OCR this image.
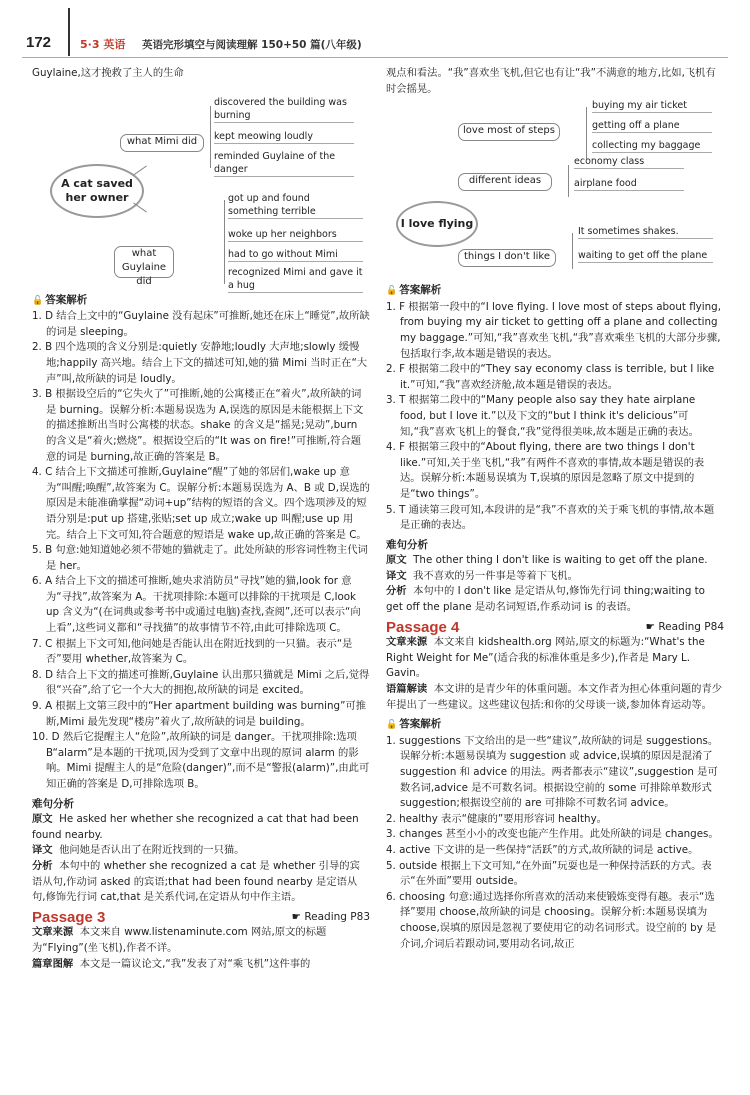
172	5·3 英语 英语完形填空与阅读理解 150+50 篇(八年级)

Guylaine,这才挽救了主人的生命

A cat saved her owner
what Mimi did
discovered the building was burning
kept meowing loudly
reminded Guylaine of the danger
what Guylaine did
got up and found something terrible
woke up her neighbors
had to go without Mimi
recognized Mimi and gave it a hug
🔓 答案解析

1. D 结合上文中的“Guylaine 没有起床”可推断,她还在床上“睡觉”,故所缺的词是 sleeping。

2. B 四个选项的含义分别是:quietly 安静地;loudly 大声地;slowly 缓慢地;happily 高兴地。结合上下文的描述可知,她的猫 Mimi 当时正在“大声”叫,故所缺的词是 loudly。

3. B 根据设空后的“它失火了”可推断,她的公寓楼正在“着火”,故所缺的词是 burning。误解分析:本题易误选为 A,误选的原因是未能根据上下文的描述推断出当时公寓楼的状态。shake 的含义是“摇晃;晃动”,burn 的含义是“着火;燃烧”。根据设空后的“It was on fire!”可推断,符合题意的词是 burning,故正确的答案是 B。

4. C 结合上下文描述可推断,Guylaine“醒”了她的邻居们,wake up 意为“叫醒;唤醒”,故答案为 C。误解分析:本题易误选为 A、B 或 D,误选的原因是未能准确掌握“动词+up”结构的短语的含义。四个选项涉及的短语分别是:put up 搭建,张贴;set up 成立;wake up 叫醒;use up 用完。结合上下文可知,符合题意的短语是 wake up,故正确的答案是 C。

5. B 句意:她知道她必须不带她的猫就走了。此处所缺的形容词性物主代词是 her。

6. A 结合上下文的描述可推断,她央求消防员“寻找”她的猫,look for 意为“寻找”,故答案为 A。干扰项排除:本题可以排除的干扰项是 C,look up 含义为“(在词典或参考书中或通过电脑)查找,查阅”,还可以表示“向上看”,这些词义都和“寻找猫”的故事情节不符,由此可排除选项 C。

7. C 根据上下文可知,他问她是否能认出在附近找到的一只猫。表示“是否”要用 whether,故答案为 C。

8. D 结合上下文的描述可推断,Guylaine 认出那只猫就是 Mimi 之后,觉得很“兴奋”,给了它一个大大的拥抱,故所缺的词是 excited。

9. A 根据上文第三段中的“Her apartment building was burning”可推断,Mimi 最先发现“楼房”着火了,故所缺的词是 building。

10. D 然后它提醒主人“危险”,故所缺的词是 danger。干扰项排除:选项 B“alarm”是本题的干扰项,因为受到了文章中出现的原词 alarm 的影响。Mimi 提醒主人的是“危险(danger)”,而不是“警报(alarm)”,由此可知正确的答案是 D,可排除选项 B。

难句分析

原文 He asked her whether she recognized a cat that had been found nearby.

译文 他问她是否认出了在附近找到的一只猫。

分析 本句中的 whether she recognized a cat 是 whether 引导的宾语从句,作动词 asked 的宾语;that had been found nearby 是定语从句,修饰先行词 cat,that 是关系代词,在定语从句中作主语。

Passage 3	☛ Reading P83

文章来源 本文来自 www.listenaminute.com 网站,原文的标题为“Flying”(坐飞机),作者不详。

篇章图解 本文是一篇议论文,“我”发表了对“乘飞机”这件事的

观点和看法。“我”喜欢坐飞机,但它也有让“我”不满意的地方,比如,飞机有时会摇晃。

I love flying
love most of steps
buying my air ticket
getting off a plane
collecting my baggage
different ideas
economy class
airplane food
things I don't like
It sometimes shakes.
waiting to get off the plane
🔓 答案解析

1. F 根据第一段中的“I love flying. I love most of steps about flying, from buying my air ticket to getting off a plane and collecting my baggage.”可知,“我”喜欢坐飞机,“我”喜欢乘坐飞机的大部分步骤,包括取行李,故本题是错误的表达。

2. F 根据第二段中的“They say economy class is terrible, but I like it.”可知,“我”喜欢经济舱,故本题是错误的表达。

3. T 根据第二段中的“Many people also say they hate airplane food, but I love it.”以及下文的“but I think it's delicious”可知,“我”喜欢飞机上的餐食,“我”觉得很美味,故本题是正确的表达。

4. F 根据第三段中的“About flying, there are two things I don't like.”可知,关于坐飞机,“我”有两件不喜欢的事情,故本题是错误的表达。误解分析:本题易误填为 T,误填的原因是忽略了原文中提到的是“two things”。

5. T 通读第三段可知,本段讲的是“我”不喜欢的关于乘飞机的事情,故本题是正确的表达。

难句分析

原文 The other thing I don't like is waiting to get off the plane.

译文 我不喜欢的另一件事是等着下飞机。

分析 本句中的 I don't like 是定语从句,修饰先行词 thing;waiting to get off the plane 是动名词短语,作系动词 is 的表语。

Passage 4	☛ Reading P84

文章来源 本文来自 kidshealth.org 网站,原文的标题为:“What's the Right Weight for Me”(适合我的标准体重是多少),作者是 Mary L. Gavin。

语篇解读 本文讲的是青少年的体重问题。本文作者为担心体重问题的青少年提出了一些建议。这些建议包括:和你的父母谈一谈,参加体育运动等。

🔓 答案解析

1. suggestions 下文给出的是一些“建议”,故所缺的词是 suggestions。误解分析:本题易误填为 suggestion 或 advice,误填的原因是混淆了 suggestion 和 advice 的用法。两者都表示“建议”,suggestion 是可数名词,advice 是不可数名词。根据设空前的 some 可排除单数形式 suggestion;根据设空前的 are 可排除不可数名词 advice。

2. healthy 表示“健康的”要用形容词 healthy。

3. changes 甚至小小的改变也能产生作用。此处所缺的词是 changes。

4. active 下文讲的是一些保持“活跃”的方式,故所缺的词是 active。

5. outside 根据上下文可知,“在外面”玩耍也是一种保持活跃的方式。表示“在外面”要用 outside。

6. choosing 句意:通过选择你所喜欢的活动来使锻炼变得有趣。表示“选择”要用 choose,故所缺的词是 choosing。误解分析:本题易误填为 choose,误填的原因是忽视了要使用它的动名词形式。设空前的 by 是介词,介词后若跟动词,要用动名词,故正
